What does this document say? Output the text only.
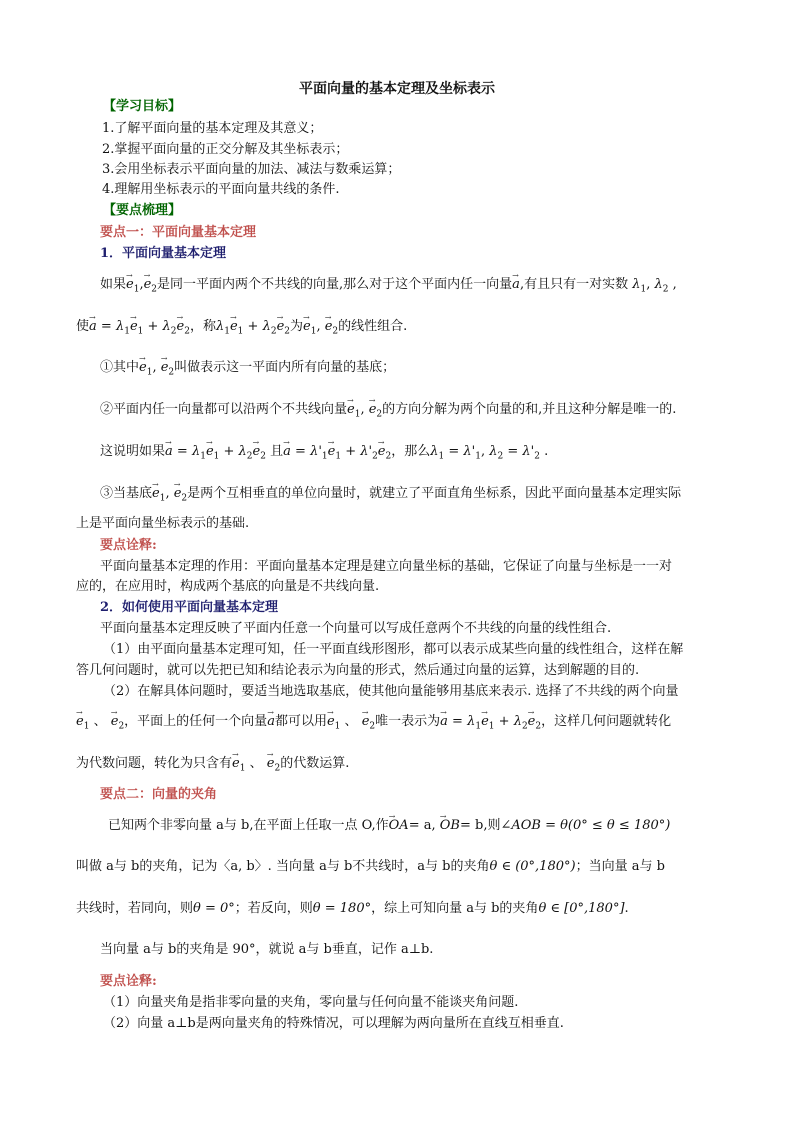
平面向量的基本定理及坐标表示
【学习目标】
1.了解平面向量的基本定理及其意义；
2.掌握平面向量的正交分解及其坐标表示；
3.会用坐标表示平面向量的加法、减法与数乘运算；
4.理解用坐标表示的平面向量共线的条件.
【要点梳理】
要点一：平面向量基本定理
1．平面向量基本定理
如果→ $e_1,\to e_2$是同一平面内两个不共线的向量,那么对于这个平面内任一向量→ a,有且只有一对实数 $\lambda_1$, $\lambda_2$ ,
使→ $a = \lambda_1\to e_1 + \lambda_2\to e_2$，称$\lambda_1\to e_1 + \lambda_2\to e_2$为→ $e_1$, → $e_2$的线性组合.
①其中→ $e_1$, → $e_2$叫做表示这一平面内所有向量的基底；
②平面内任一向量都可以沿两个不共线向量→ $e_1$, → $e_2$的方向分解为两个向量的和,并且这种分解是唯一的.
这说明如果→ $a = \lambda_1\to e_1 + \lambda_2\to e_2$ 且→ $a = \lambda'_1\to e_1 + \lambda'_2\to e_2$，那么$\lambda_1 = \lambda'_1$, $\lambda_2 = \lambda'_2$ .
③当基底→ $e_1$, → $e_2$是两个互相垂直的单位向量时，就建立了平面直角坐标系，因此平面向量基本定理实际
上是平面向量坐标表示的基础.
要点诠释:
平面向量基本定理的作用：平面向量基本定理是建立向量坐标的基础，它保证了向量与坐标是一一对
应的，在应用时，构成两个基底的向量是不共线向量.
2．如何使用平面向量基本定理
平面向量基本定理反映了平面内任意一个向量可以写成任意两个不共线的向量的线性组合.
（1）由平面向量基本定理可知，任一平面直线形图形，都可以表示成某些向量的线性组合，这样在解
答几何问题时，就可以先把已知和结论表示为向量的形式，然后通过向量的运算，达到解题的目的.
（2）在解具体问题时，要适当地选取基底，使其他向量能够用基底来表示. 选择了不共线的两个向量
→ $e_1$ 、 → $e_2$，平面上的任何一个向量→ a都可以用→ $e_1$ 、 → $e_2$唯一表示为→ $a = \lambda_1\to e_1 + \lambda_2\to e_2$，这样几何问题就转化
为代数问题，转化为只含有→ $e_1$ 、 → $e_2$的代数运算.
要点二：向量的夹角
已知两个非零向量 a与 b,在平面上任取一点 O,作→ OA= a, → OB= b,则∠AOB = θ(0° ≤ θ ≤ 180°)
叫做 a与 b的夹角，记为〈a, b〉. 当向量 a与 b不共线时，a与 b的夹角θ ∈ (0°,180°)；当向量 a与 b
共线时，若同向，则θ = 0°；若反向，则θ = 180°，综上可知向量 a与 b的夹角θ ∈ [0°,180°].
当向量 a与 b的夹角是 90°，就说 a与 b垂直，记作 a⊥b.
要点诠释:
（1）向量夹角是指非零向量的夹角，零向量与任何向量不能谈夹角问题.
（2）向量 a⊥b是两向量夹角的特殊情况，可以理解为两向量所在直线互相垂直.
